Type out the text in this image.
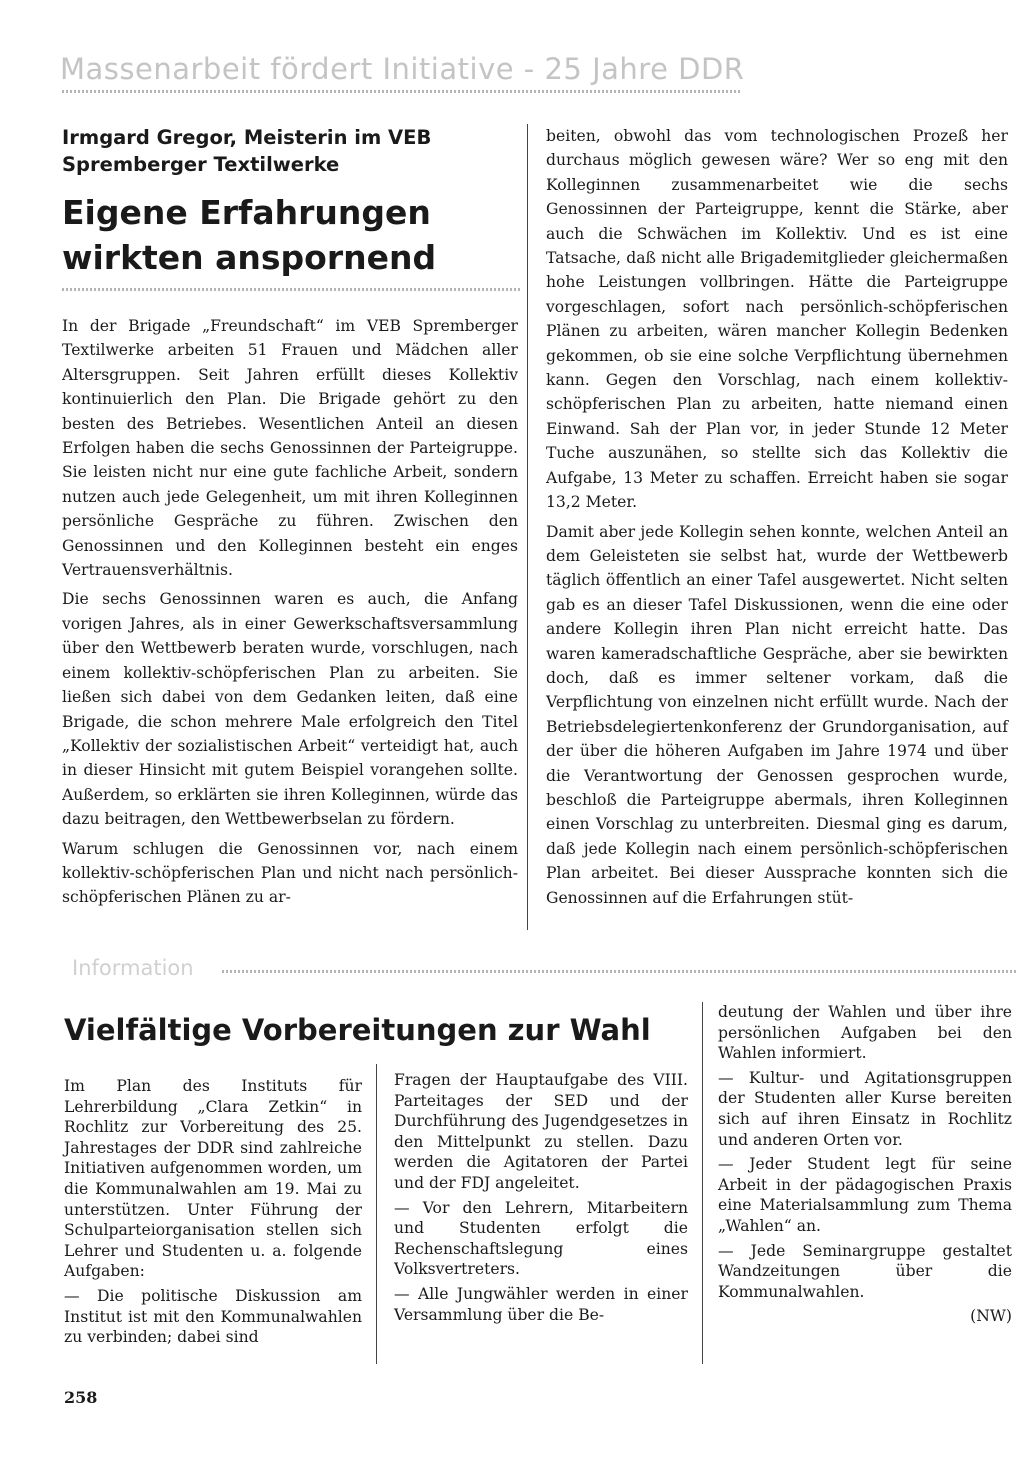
Massenarbeit fördert Initiative - 25 Jahre DDR
Irmgard Gregor, Meisterin im VEB Spremberger Textilwerke
Eigene Erfahrungen wirkten anspornend

In der Brigade „Freundschaft“ im VEB Spremberger Textilwerke arbeiten 51 Frauen und Mädchen aller Altersgruppen. Seit Jahren erfüllt dieses Kollektiv kontinuierlich den Plan. Die Brigade gehört zu den besten des Betriebes. Wesentlichen Anteil an diesen Erfolgen haben die sechs Genossinnen der Parteigruppe. Sie leisten nicht nur eine gute fachliche Arbeit, sondern nutzen auch jede Gelegenheit, um mit ihren Kolleginnen persönliche Gespräche zu führen. Zwischen den Genossinnen und den Kolleginnen besteht ein enges Vertrauensverhältnis.

Die sechs Genossinnen waren es auch, die Anfang vorigen Jahres, als in einer Gewerkschaftsversammlung über den Wettbewerb beraten wurde, vorschlugen, nach einem kollektiv-schöpferischen Plan zu arbeiten. Sie ließen sich dabei von dem Gedanken leiten, daß eine Brigade, die schon mehrere Male erfolgreich den Titel „Kollektiv der sozialistischen Arbeit“ verteidigt hat, auch in dieser Hinsicht mit gutem Beispiel vorangehen sollte. Außerdem, so erklärten sie ihren Kolleginnen, würde das dazu beitragen, den Wettbewerbselan zu fördern.

Warum schlugen die Genossinnen vor, nach einem kollektiv-schöpferischen Plan und nicht nach persönlich-schöpferischen Plänen zu ar-

beiten, obwohl das vom technologischen Prozeß her durchaus möglich gewesen wäre? Wer so eng mit den Kolleginnen zusammenarbeitet wie die sechs Genossinnen der Parteigruppe, kennt die Stärke, aber auch die Schwächen im Kollektiv. Und es ist eine Tatsache, daß nicht alle Brigademitglieder gleichermaßen hohe Leistungen vollbringen. Hätte die Parteigruppe vorgeschlagen, sofort nach persönlich-schöpferischen Plänen zu arbeiten, wären mancher Kollegin Bedenken gekommen, ob sie eine solche Verpflichtung übernehmen kann. Gegen den Vorschlag, nach einem kollektiv-schöpferischen Plan zu arbeiten, hatte niemand einen Einwand. Sah der Plan vor, in jeder Stunde 12 Meter Tuche auszunähen, so stellte sich das Kollektiv die Aufgabe, 13 Meter zu schaffen. Erreicht haben sie sogar 13,2 Meter.

Damit aber jede Kollegin sehen konnte, welchen Anteil an dem Geleisteten sie selbst hat, wurde der Wettbewerb täglich öffentlich an einer Tafel ausgewertet. Nicht selten gab es an dieser Tafel Diskussionen, wenn die eine oder andere Kollegin ihren Plan nicht erreicht hatte. Das waren kameradschaftliche Gespräche, aber sie bewirkten doch, daß es immer seltener vorkam, daß die Verpflichtung von einzelnen nicht erfüllt wurde. Nach der Betriebsdelegiertenkonferenz der Grundorganisation, auf der über die höheren Aufgaben im Jahre 1974 und über die Verantwortung der Genossen gesprochen wurde, beschloß die Parteigruppe abermals, ihren Kolleginnen einen Vorschlag zu unterbreiten. Diesmal ging es darum, daß jede Kollegin nach einem persönlich-schöpferischen Plan arbeitet. Bei dieser Aussprache konnten sich die Genossinnen auf die Erfahrungen stüt-

Information
Vielfältige Vorbereitungen zur Wahl

Im Plan des Instituts für Lehrerbildung „Clara Zetkin“ in Rochlitz zur Vorbereitung des 25. Jahrestages der DDR sind zahlreiche Initiativen aufgenommen worden, um die Kommunalwahlen am 19. Mai zu unterstützen. Unter Führung der Schulparteiorganisation stellen sich Lehrer und Studenten u. a. folgende Aufgaben:

— Die politische Diskussion am Institut ist mit den Kommunalwahlen zu verbinden; dabei sind

Fragen der Hauptaufgabe des VIII. Parteitages der SED und der Durchführung des Jugendgesetzes in den Mittelpunkt zu stellen. Dazu werden die Agitatoren der Partei und der FDJ angeleitet.

— Vor den Lehrern, Mitarbeitern und Studenten erfolgt die Rechenschaftslegung eines Volksvertreters.

— Alle Jungwähler werden in einer Versammlung über die Be-

deutung der Wahlen und über ihre persönlichen Aufgaben bei den Wahlen informiert.

— Kultur- und Agitationsgruppen der Studenten aller Kurse bereiten sich auf ihren Einsatz in Rochlitz und anderen Orten vor.

— Jeder Student legt für seine Arbeit in der pädagogischen Praxis eine Materialsammlung zum Thema „Wahlen“ an.

— Jede Seminargruppe gestaltet Wandzeitungen über die Kommunalwahlen.

(NW)

258
